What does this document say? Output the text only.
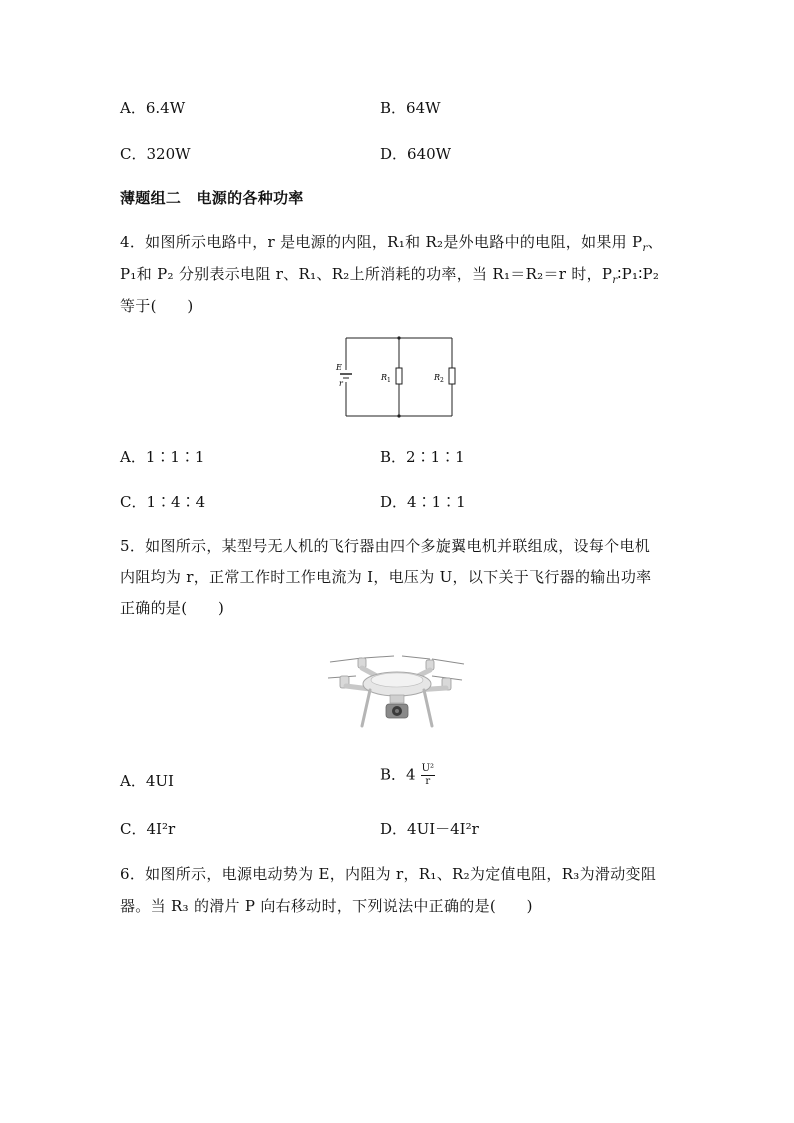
A．6.4W	B．64W
C．320W	D．640W
薄题组二　电源的各种功率
4．如图所示电路中，r 是电源的内阻，R₁和 R₂是外电路中的电阻，如果用 $P_r$、
P₁和 P₂ 分别表示电阻 r、R₁、R₂上所消耗的功率，当 R₁＝R₂＝r 时，$P_r∶P_1∶P_2$
等于(　　)
E
r
R 1	R 2
A．1∶1∶1	B．2∶1∶1
C．1∶4∶4	D．4∶1∶1
5．如图所示，某型号无人机的飞行器由四个多旋翼电机并联组成，设每个电机
内阻均为 r，正常工作时工作电流为 I，电压为 U，以下关于飞行器的输出功率
正确的是(　　)
A．4UI	B．$4 \frac{\text{U²}}{r}$
C．4I²r	D．4UI－4I²r
6．如图所示，电源电动势为 E，内阻为 r，R₁、R₂为定值电阻，R₃为滑动变阻
器。当 R₃ 的滑片 P 向右移动时，下列说法中正确的是(　　)
